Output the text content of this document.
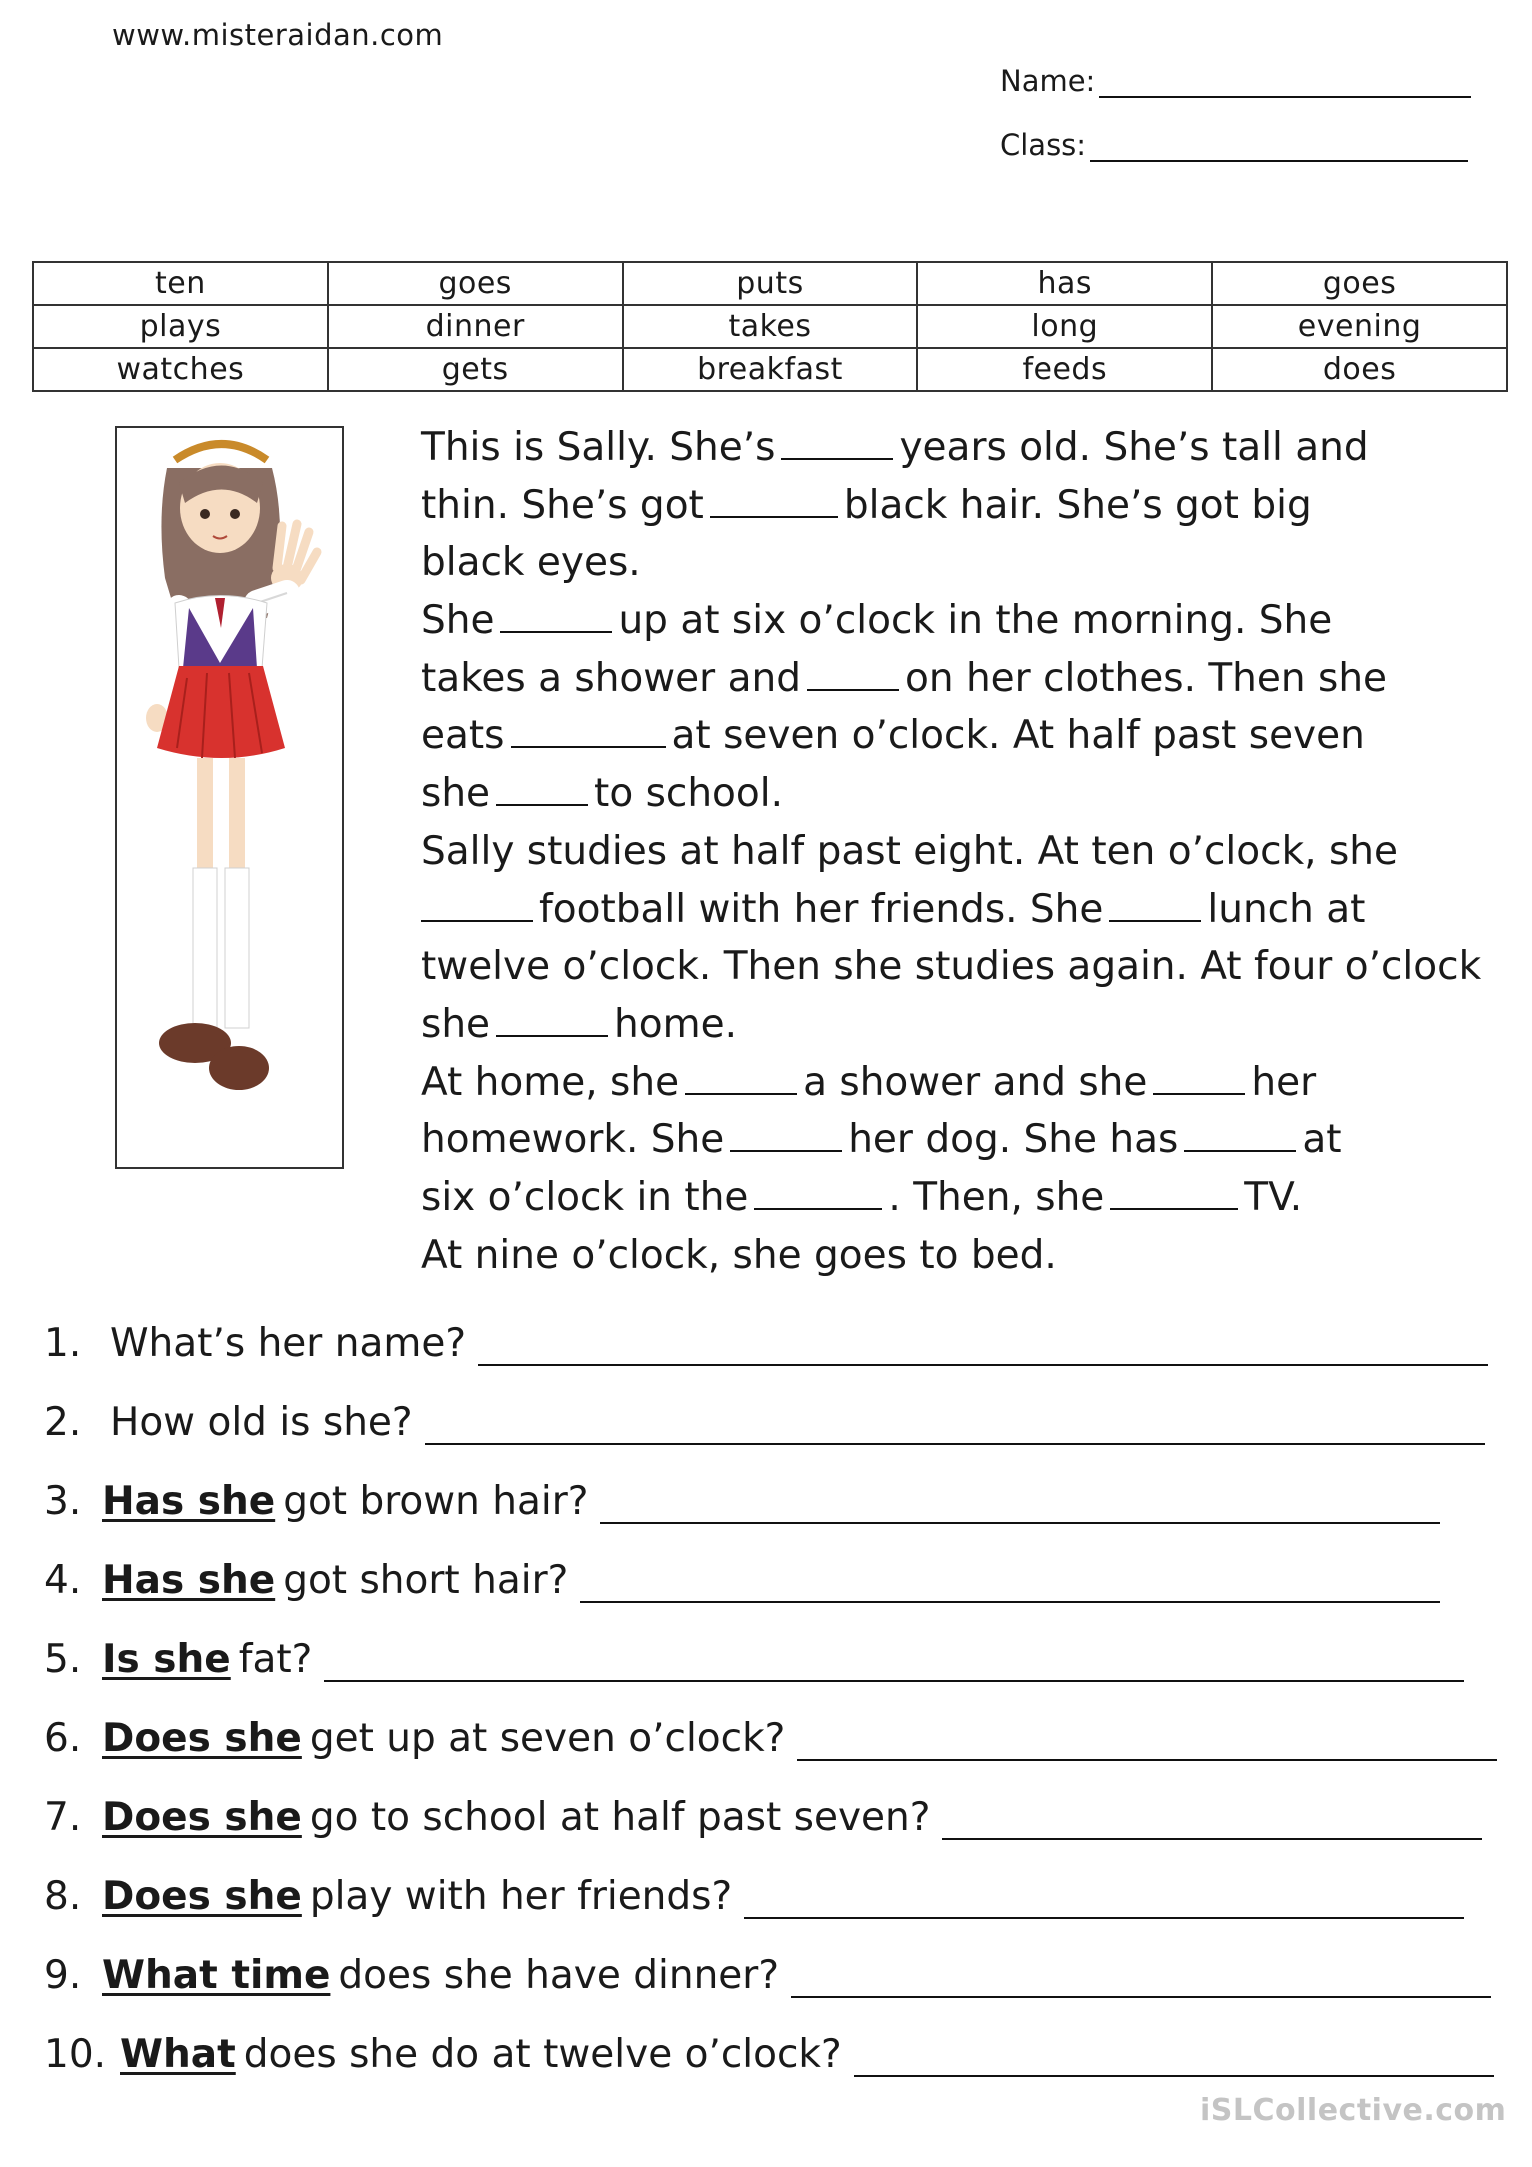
www.misteraidan.com
Name:
Class:
ten	goes	puts	has	goes
plays	dinner	takes	long	evening
watches	gets	breakfast	feeds	does
This is Sally. She’s	years old. She’s tall and
thin. She’s got	black hair. She’s got big
black eyes.
She	up at six o’clock in the morning. She
takes a shower and	on her clothes. Then she
eats	at seven o’clock. At half past seven
she	to school.
Sally studies at half past eight. At ten o’clock, she
football with her friends. She	lunch at
twelve o’clock. Then she studies again. At four o’clock
she	home.
At home, she	a shower and she	her
homework. She	her dog. She has	at
six o’clock in the	. Then, she	TV.
At nine o’clock, she goes to bed.
1. What’s her name?
2. How old is she?
3. Has she got brown hair?
4. Has she got short hair?
5. Is she fat?
6. Does she get up at seven o’clock?
7. Does she go to school at half past seven?
8. Does she play with her friends?
9. What time does she have dinner?
10. What does she do at twelve o’clock?
iSLCollective.com
